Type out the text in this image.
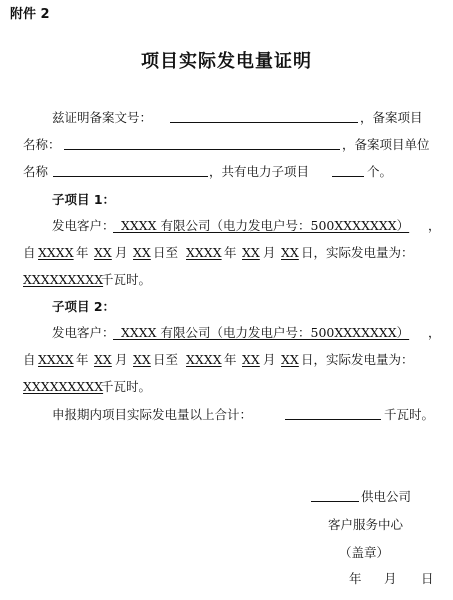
附件 2
项目实际发电量证明
兹证明备案文号：	，备案项目
名称：	，备案项目单位
名称	，共有电力子项目	个。
子项目 1：
发电客户：
XXXX 有限公司（电力发电户号：500XXXXXXX） ，
自 XXXX 年 XX 月 XX 日至 XXXX 年 XX 月 XX 日，实际发电量为：
XXXXXXXXX
千瓦时。
子项目 2：
发电客户：
XXXX 有限公司（电力发电户号：500XXXXXXX） ，
自 XXXX 年 XX 月 XX 日至 XXXX 年 XX 月 XX 日，实际发电量为：
XXXXXXXXX
千瓦时。
申报期内项目实际发电量以上合计：	千瓦时。
供电公司
客户服务中心
（盖章）
年 月 日
